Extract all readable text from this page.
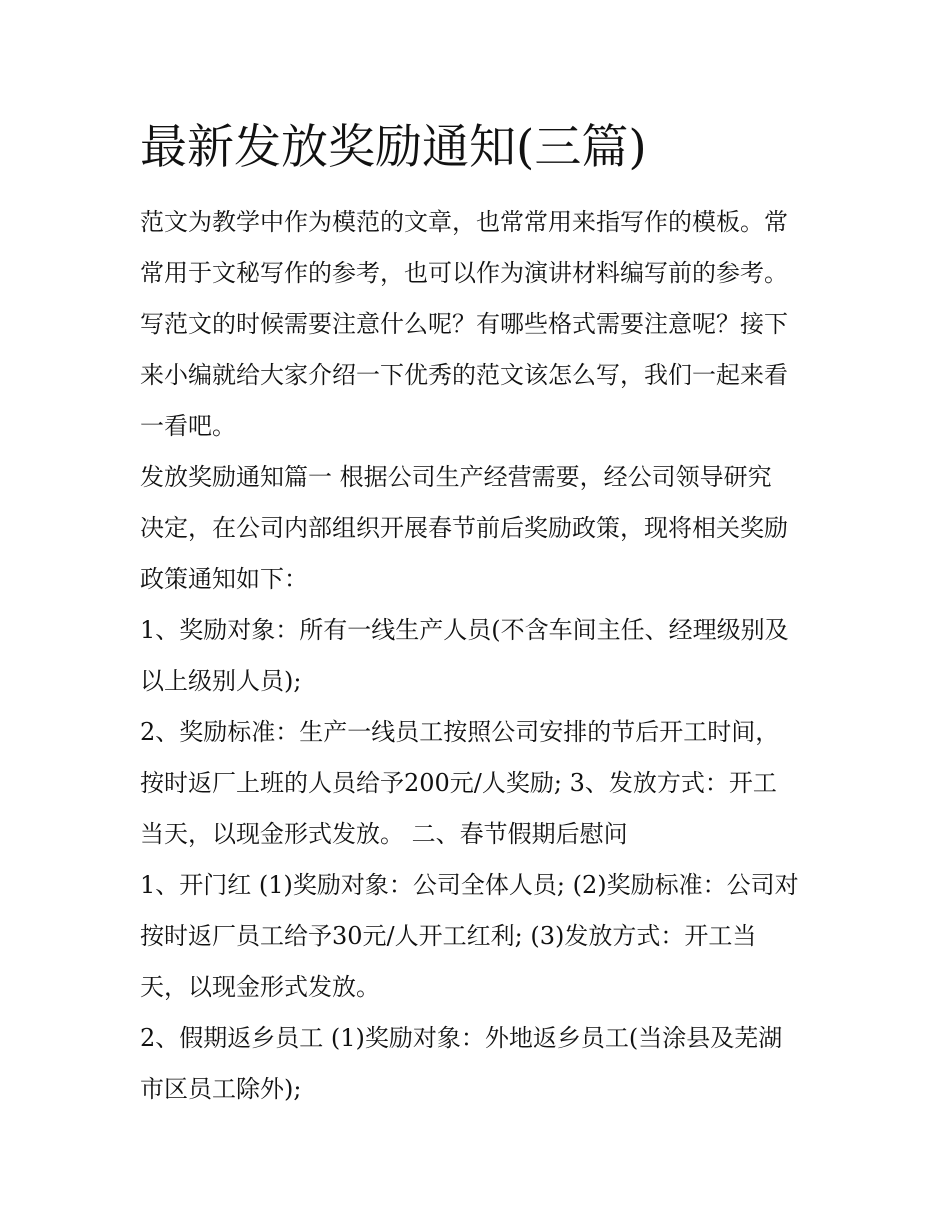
最新发放奖励通知(三篇)

范文为教学中作为模范的文章，也常常用来指写作的模板。常

常用于文秘写作的参考，也可以作为演讲材料编写前的参考。

写范文的时候需要注意什么呢？有哪些格式需要注意呢？接下

来小编就给大家介绍一下优秀的范文该怎么写，我们一起来看

一看吧。

发放奖励通知篇一 根据公司生产经营需要，经公司领导研究

决定，在公司内部组织开展春节前后奖励政策，现将相关奖励

政策通知如下：

1、奖励对象：所有一线生产人员(不含车间主任、经理级别及

以上级别人员);

2、奖励标准：生产一线员工按照公司安排的节后开工时间，

按时返厂上班的人员给予200元/人奖励; 3、发放方式：开工

当天，以现金形式发放。 二、春节假期后慰问

1、开门红 (1)奖励对象：公司全体人员; (2)奖励标准：公司对

按时返厂员工给予30元/人开工红利; (3)发放方式：开工当

天，以现金形式发放。

2、假期返乡员工 (1)奖励对象：外地返乡员工(当涂县及芜湖

市区员工除外);
